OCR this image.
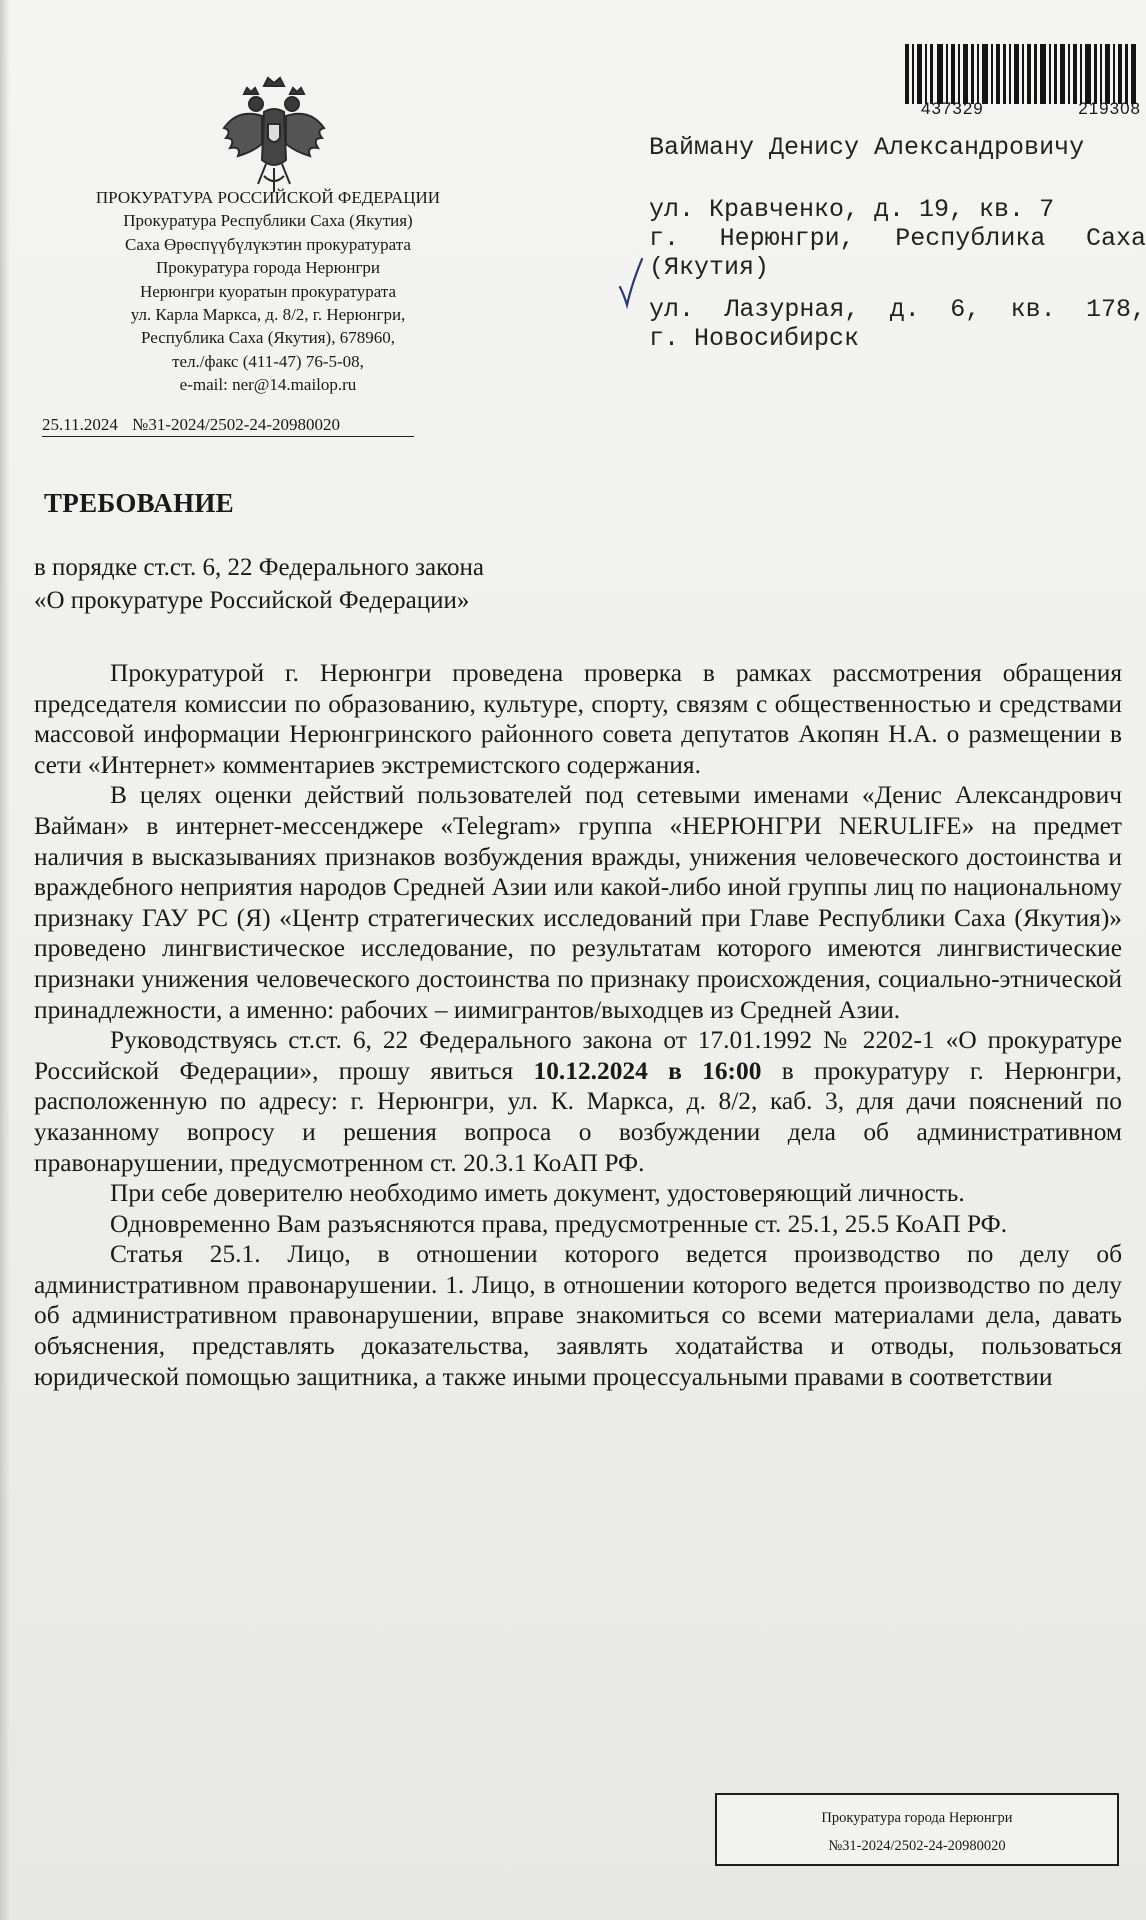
ПРОКУРАТУРА РОССИЙСКОЙ ФЕДЕРАЦИИ
Прокуратура Республики Саха (Якутия)
Саха Өрөспүүбүлүкэтин прокуратурата
Прокуратура города Нерюнгри
Нерюнгри куоратын прокуратурата
ул. Карла Маркса, д. 8/2, г. Нерюнгри,
Республика Саха (Якутия), 678960,
тел./факс (411-47) 76-5-08,
e-mail: ner@14.mailop.ru
25.11.2024 №31-2024/2502-24-20980020
437329	219308
Вайману Денису Александровичу
ул. Кравченко, д. 19, кв. 7
г. Нерюнгри, Республика Саха
(Якутия)
ул. Лазурная, д. 6, кв. 178,
г. Новосибирск
ТРЕБОВАНИЕ
в порядке ст.ст. 6, 22 Федерального закона
«О прокуратуре Российской Федерации»

Прокуратурой г. Нерюнгри проведена проверка в рамках рассмотрения обращения председателя комиссии по образованию, культуре, спорту, связям с общественностью и средствами массовой информации Нерюнгринского районного совета депутатов Акопян Н.А. о размещении в сети «Интернет» комментариев экстремистского содержания.

В целях оценки действий пользователей под сетевыми именами «Денис Александрович Вайман» в интернет-мессенджере «Telegram» группа «НЕРЮНГРИ NERULIFE» на предмет наличия в высказываниях признаков возбуждения вражды, унижения человеческого достоинства и враждебного неприятия народов Средней Азии или какой-либо иной группы лиц по национальному признаку ГАУ РС (Я) «Центр стратегических исследований при Главе Республики Саха (Якутия)» проведено лингвистическое исследование, по результатам которого имеются лингвистические признаки унижения человеческого достоинства по признаку происхождения, социально-этнической принадлежности, а именно: рабочих – иимигрантов/выходцев из Средней Азии.

Руководствуясь ст.ст. 6, 22 Федерального закона от 17.01.1992 № 2202-1 «О прокуратуре Российской Федерации», прошу явиться 10.12.2024 в 16:00 в прокуратуру г. Нерюнгри, расположенную по адресу: г. Нерюнгри, ул. К. Маркса, д. 8/2, каб. 3, для дачи пояснений по указанному вопросу и решения вопроса о возбуждении дела об административном правонарушении, предусмотренном ст. 20.3.1 КоАП РФ.

При себе доверителю необходимо иметь документ, удостоверяющий личность.

Одновременно Вам разъясняются права, предусмотренные ст. 25.1, 25.5 КоАП РФ.

Статья 25.1. Лицо, в отношении которого ведется производство по делу об административном правонарушении. 1. Лицо, в отношении которого ведется производство по делу об административном правонарушении, вправе знакомиться со всеми материалами дела, давать объяснения, представлять доказательства, заявлять ходатайства и отводы, пользоваться юридической помощью защитника, а также иными процессуальными правами в соответствии

Прокуратура города Нерюнгри
№31-2024/2502-24-20980020
